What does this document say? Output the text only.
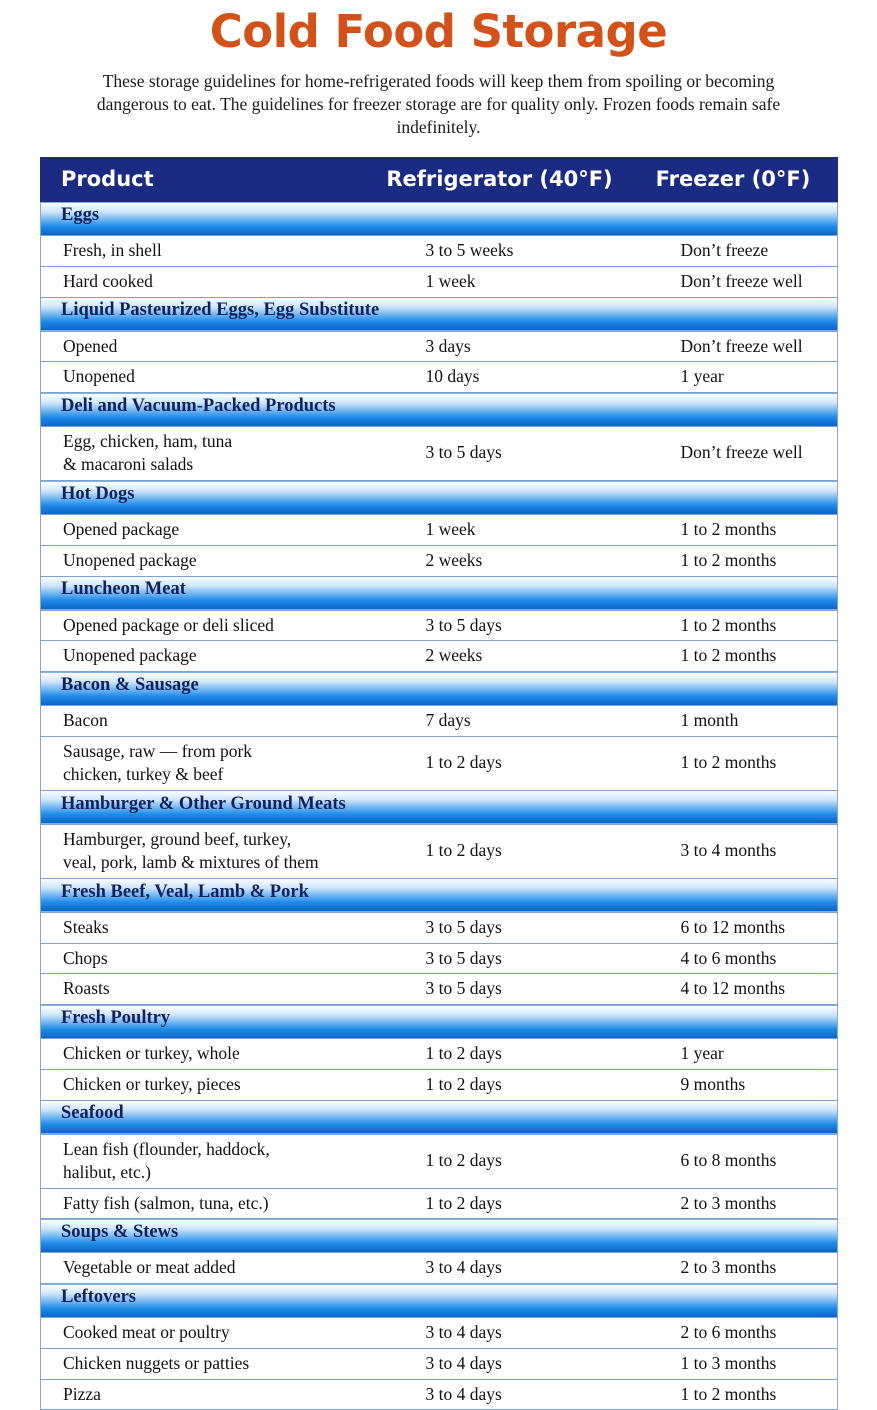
Cold Food Storage

These storage guidelines for home-refrigerated foods will keep them from spoiling or becoming dangerous to eat. The guidelines for freezer storage are for quality only. Frozen foods remain safe indefinitely.

Product	Refrigerator (40°F)	Freezer (0°F)
Eggs		
Fresh, in shell	3 to 5 weeks	Don’t freeze
Hard cooked	1 week	Don’t freeze well
Liquid Pasteurized Eggs, Egg Substitute		
Opened	3 days	Don’t freeze well
Unopened	10 days	1 year
Deli and Vacuum-Packed Products		
Egg, chicken, ham, tuna
& macaroni salads	3 to 5 days	Don’t freeze well
Hot Dogs		
Opened package	1 week	1 to 2 months
Unopened package	2 weeks	1 to 2 months
Luncheon Meat		
Opened package or deli sliced	3 to 5 days	1 to 2 months
Unopened package	2 weeks	1 to 2 months
Bacon & Sausage		
Bacon	7 days	1 month
Sausage, raw — from pork
chicken, turkey & beef	1 to 2 days	1 to 2 months
Hamburger & Other Ground Meats		
Hamburger, ground beef, turkey,
veal, pork, lamb & mixtures of them	1 to 2 days	3 to 4 months
Fresh Beef, Veal, Lamb & Pork		
Steaks	3 to 5 days	6 to 12 months
Chops	3 to 5 days	4 to 6 months
Roasts	3 to 5 days	4 to 12 months
Fresh Poultry		
Chicken or turkey, whole	1 to 2 days	1 year
Chicken or turkey, pieces	1 to 2 days	9 months
Seafood		
Lean fish (flounder, haddock,
halibut, etc.)	1 to 2 days	6 to 8 months
Fatty fish (salmon, tuna, etc.)	1 to 2 days	2 to 3 months
Soups & Stews		
Vegetable or meat added	3 to 4 days	2 to 3 months
Leftovers		
Cooked meat or poultry	3 to 4 days	2 to 6 months
Chicken nuggets or patties	3 to 4 days	1 to 3 months
Pizza	3 to 4 days	1 to 2 months
